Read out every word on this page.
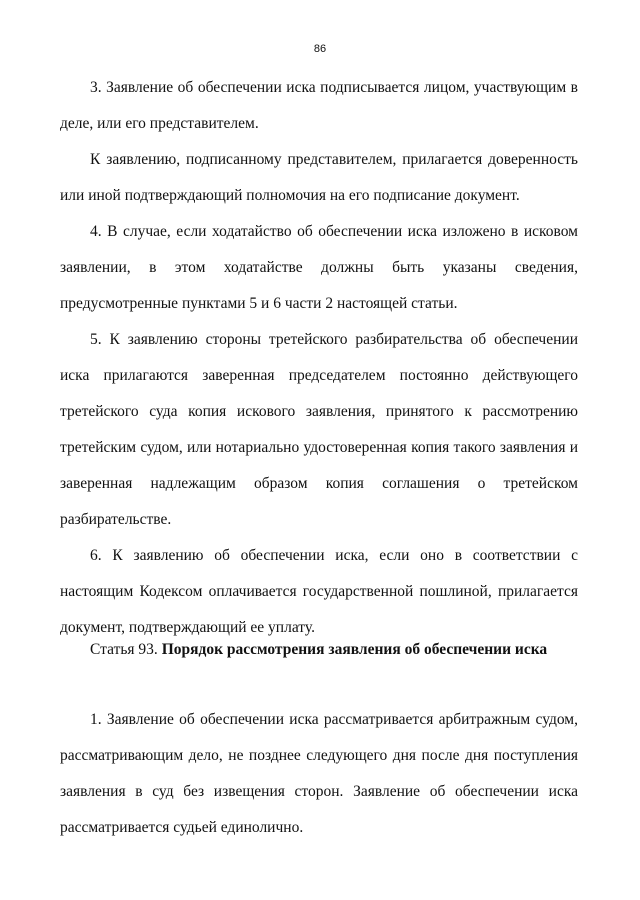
86

3. Заявление об обеспечении иска подписывается лицом, участвующим в деле, или его представителем.

К заявлению, подписанному представителем, прилагается доверенность или иной подтверждающий полномочия на его подписание документ.

4. В случае, если ходатайство об обеспечении иска изложено в исковом заявлении, в этом ходатайстве должны быть указаны сведения, предусмотренные пунктами 5 и 6 части 2 настоящей статьи.

5. К заявлению стороны третейского разбирательства об обеспечении иска прилагаются заверенная председателем постоянно действующего третейского суда копия искового заявления, принятого к рассмотрению третейским судом, или нотариально удостоверенная копия такого заявления и заверенная надлежащим образом копия соглашения о третейском разбирательстве.

6. К заявлению об обеспечении иска, если оно в соответствии с настоящим Кодексом оплачивается государственной пошлиной, прилагается документ, подтверждающий ее уплату.

Статья 93. Порядок рассмотрения заявления об обеспечении иска

1. Заявление об обеспечении иска рассматривается арбитражным судом, рассматривающим дело, не позднее следующего дня после дня поступления заявления в суд без извещения сторон. Заявление об обеспечении иска рассматривается судьей единолично.
